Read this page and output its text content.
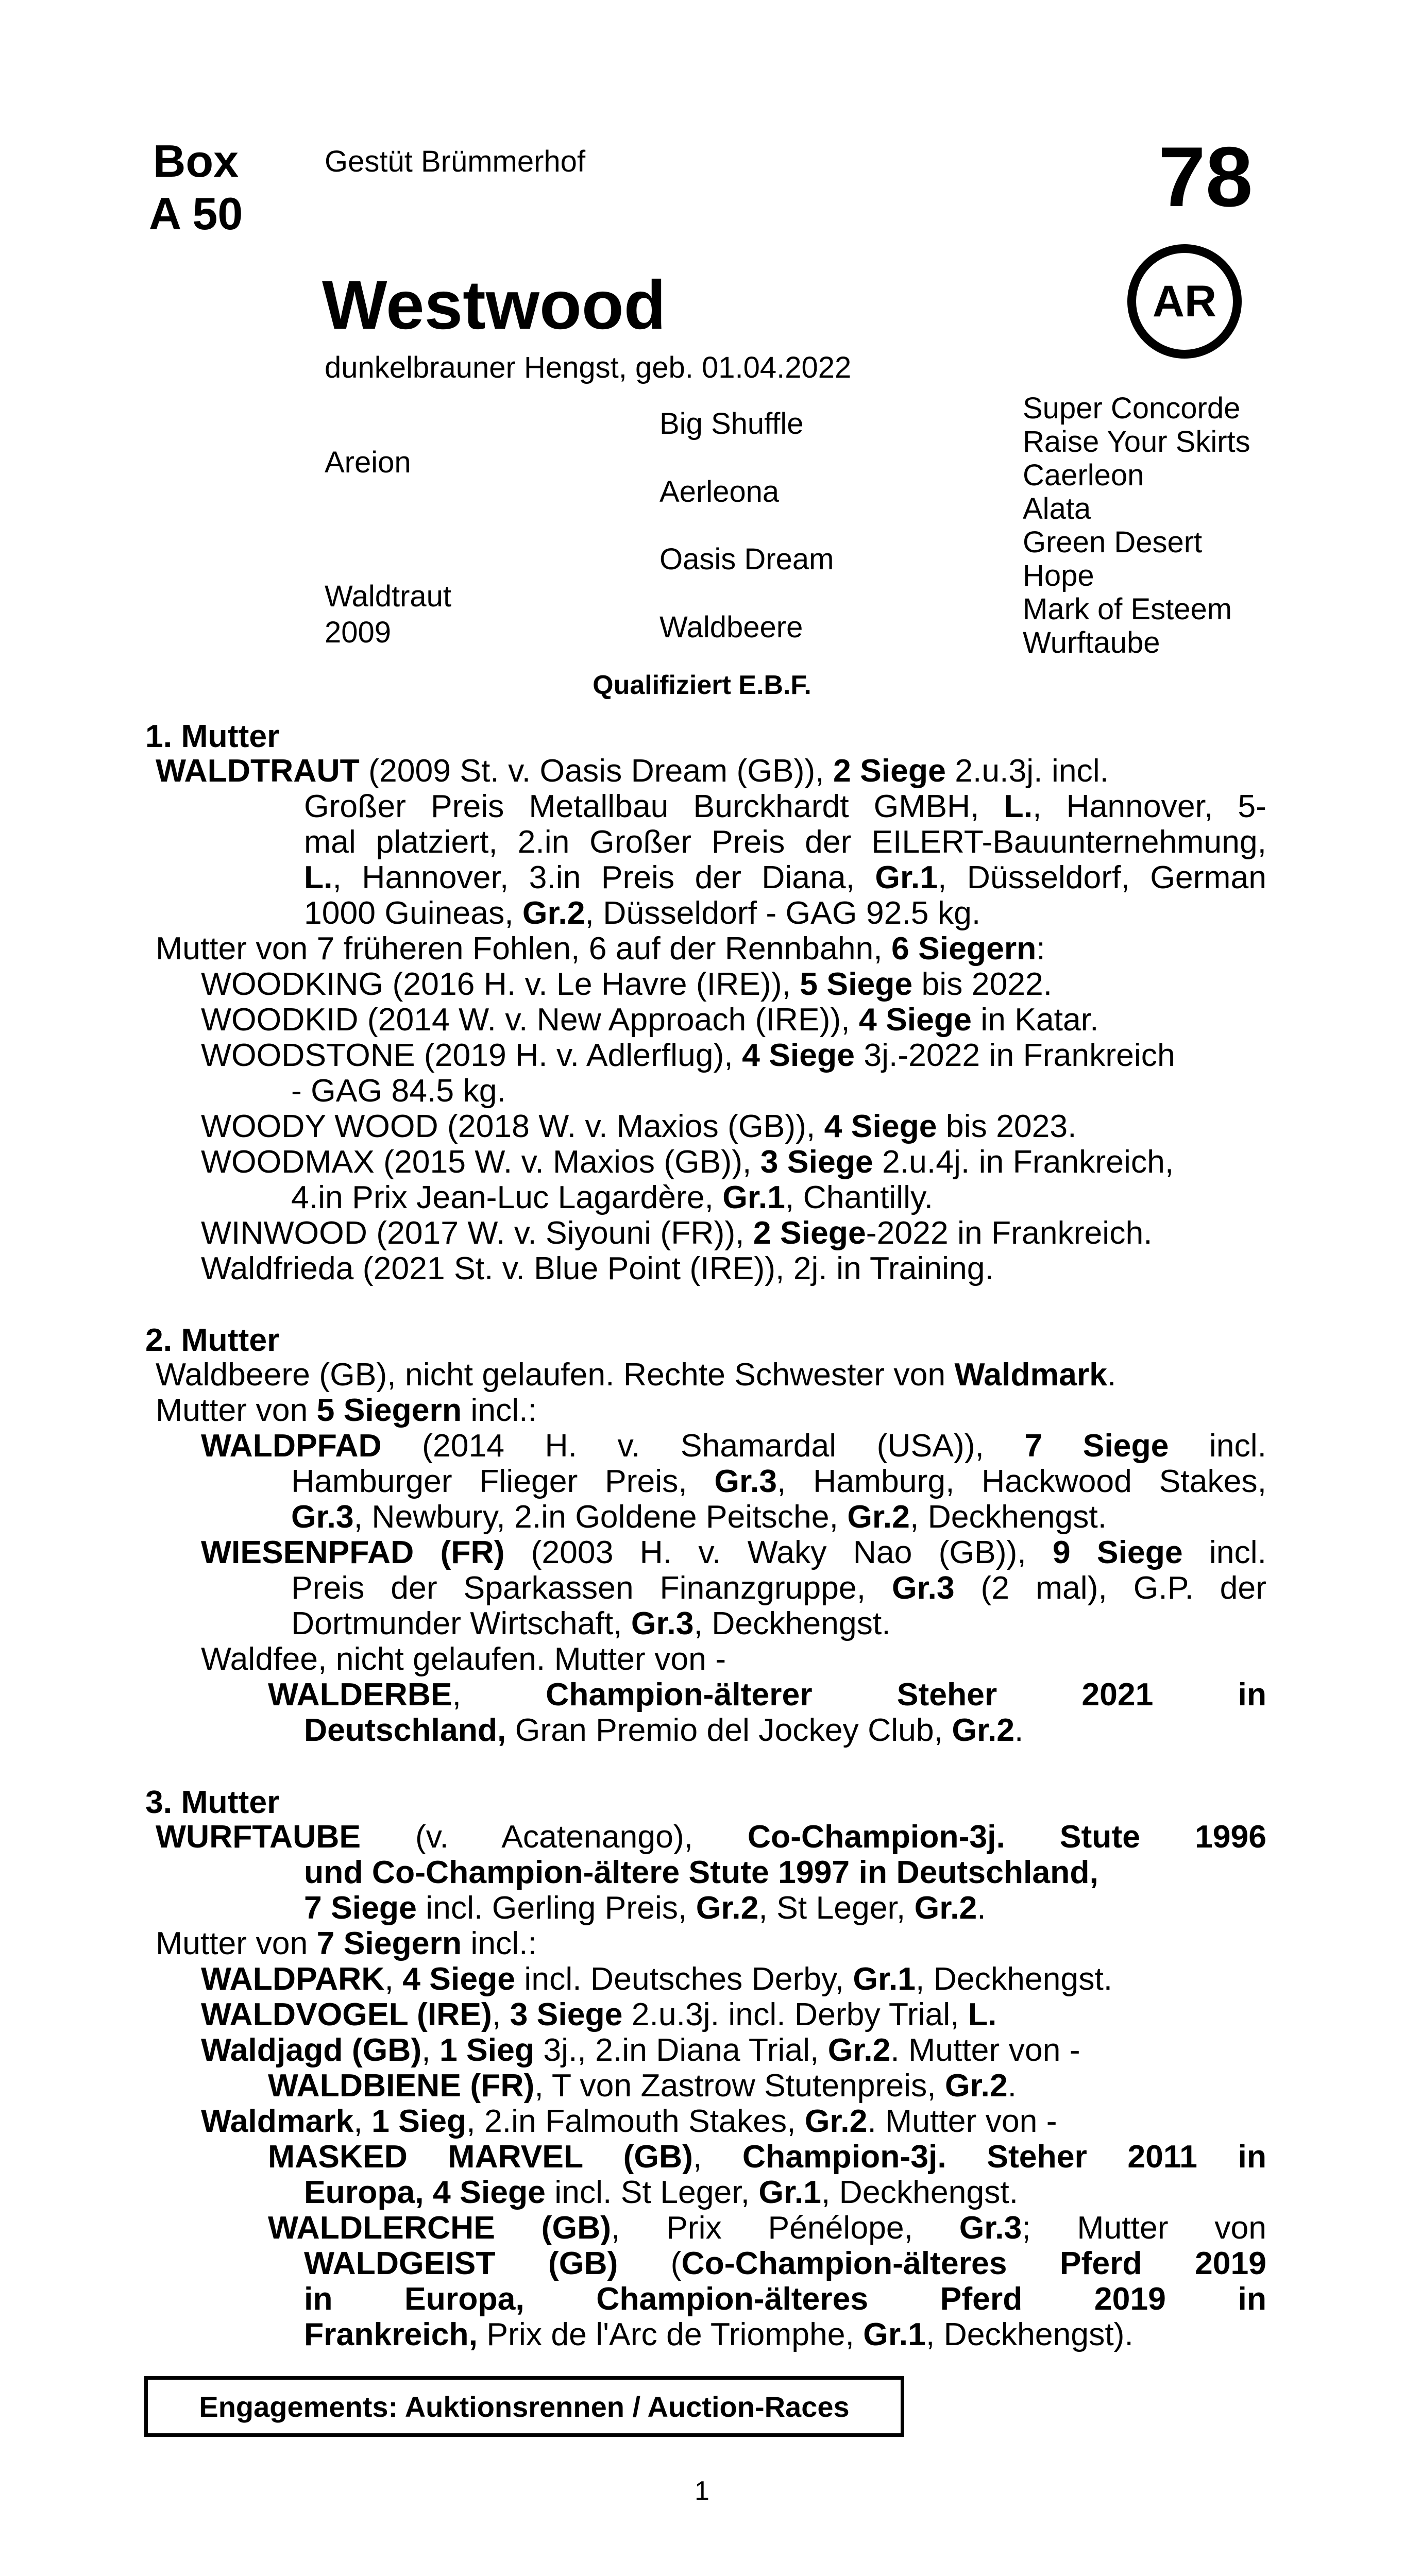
Box
A 50
Gestüt Brümmerhof	78
AR
Westwood
dunkelbrauner Hengst, geb. 01.04.2022
Areion
Waldtraut
2009
Big Shuffle
Aerleona
Oasis Dream
Waldbeere
Super Concorde
Raise Your Skirts
Caerleon
Alata
Green Desert
Hope
Mark of Esteem
Wurftaube
Qualifiziert E.B.F.
1. Mutter
WALDTRAUT (2009 St. v. Oasis Dream (GB)), 2 Siege 2.u.3j. incl.
Großer Preis Metallbau Burckhardt GMBH, L., Hannover, 5-
mal platziert, 2.in Großer Preis der EILERT-Bauunternehmung,
L., Hannover, 3.in Preis der Diana, Gr.1, Düsseldorf, German
1000 Guineas, Gr.2, Düsseldorf - GAG 92.5 kg.
Mutter von 7 früheren Fohlen, 6 auf der Rennbahn, 6 Siegern:
WOODKING (2016 H. v. Le Havre (IRE)), 5 Siege bis 2022.
WOODKID (2014 W. v. New Approach (IRE)), 4 Siege in Katar.
WOODSTONE (2019 H. v. Adlerflug), 4 Siege 3j.-2022 in Frankreich
- GAG 84.5 kg.
WOODY WOOD (2018 W. v. Maxios (GB)), 4 Siege bis 2023.
WOODMAX (2015 W. v. Maxios (GB)), 3 Siege 2.u.4j. in Frankreich,
4.in Prix Jean-Luc Lagardère, Gr.1, Chantilly.
WINWOOD (2017 W. v. Siyouni (FR)), 2 Siege-2022 in Frankreich.
Waldfrieda (2021 St. v. Blue Point (IRE)), 2j. in Training.
2. Mutter
Waldbeere (GB), nicht gelaufen. Rechte Schwester von Waldmark.
Mutter von 5 Siegern incl.:
WALDPFAD (2014 H. v. Shamardal (USA)), 7 Siege incl.
Hamburger Flieger Preis, Gr.3, Hamburg, Hackwood Stakes,
Gr.3, Newbury, 2.in Goldene Peitsche, Gr.2, Deckhengst.
WIESENPFAD (FR) (2003 H. v. Waky Nao (GB)), 9 Siege incl.
Preis der Sparkassen Finanzgruppe, Gr.3 (2 mal), G.P. der
Dortmunder Wirtschaft, Gr.3, Deckhengst.
Waldfee, nicht gelaufen. Mutter von -
WALDERBE, Champion-älterer Steher 2021 in
Deutschland, Gran Premio del Jockey Club, Gr.2.
3. Mutter
WURFTAUBE (v. Acatenango), Co-Champion-3j. Stute 1996
und Co-Champion-ältere Stute 1997 in Deutschland,
7 Siege incl. Gerling Preis, Gr.2, St Leger, Gr.2.
Mutter von 7 Siegern incl.:
WALDPARK, 4 Siege incl. Deutsches Derby, Gr.1, Deckhengst.
WALDVOGEL (IRE), 3 Siege 2.u.3j. incl. Derby Trial, L.
Waldjagd (GB), 1 Sieg 3j., 2.in Diana Trial, Gr.2. Mutter von -
WALDBIENE (FR), T von Zastrow Stutenpreis, Gr.2.
Waldmark, 1 Sieg, 2.in Falmouth Stakes, Gr.2. Mutter von -
MASKED MARVEL (GB), Champion-3j. Steher 2011 in
Europa, 4 Siege incl. St Leger, Gr.1, Deckhengst.
WALDLERCHE (GB), Prix Pénélope, Gr.3; Mutter von
WALDGEIST (GB) (Co-Champion-älteres Pferd 2019
in Europa, Champion-älteres Pferd 2019 in
Frankreich, Prix de l'Arc de Triomphe, Gr.1, Deckhengst).
Engagements: Auktionsrennen / Auction-Races
1
